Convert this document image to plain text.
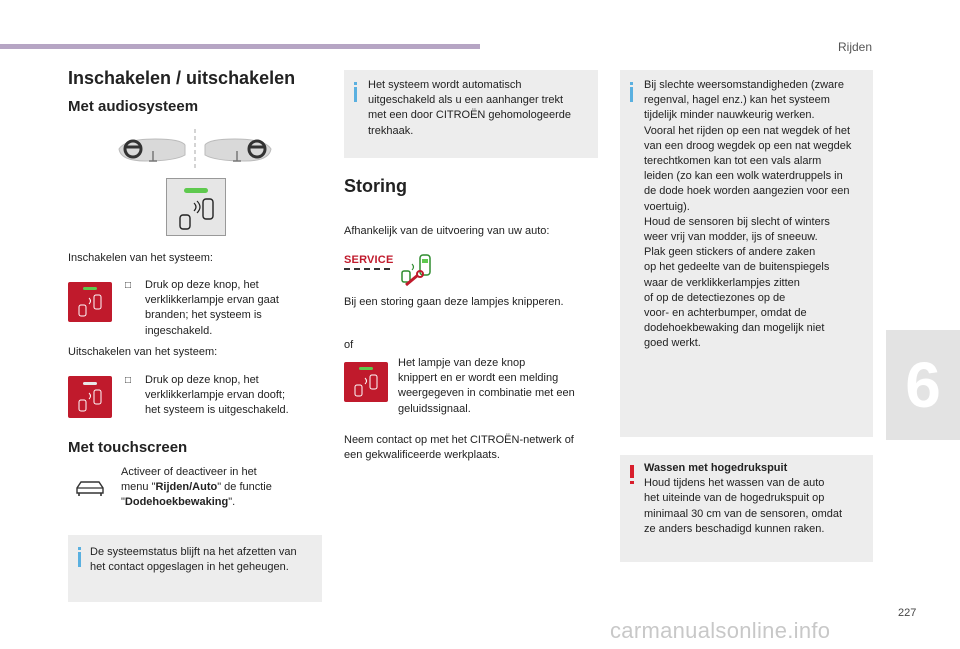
Rijden
6
227
carmanualsonline.info
Inschakelen / uitschakelen
Met audiosysteem
Inschakelen van het systeem:
□ Druk op deze knop, het
verklikkerlampje ervan gaat
branden; het systeem is
ingeschakeld.
Uitschakelen van het systeem:
□ Druk op deze knop, het
verklikkerlampje ervan dooft;
het systeem is uitgeschakeld.
Met touchscreen
Activeer of deactiveer in het
menu "Rijden/Auto" de functie
"Dodehoekbewaking".
De systeemstatus blijft na het afzetten van
het contact opgeslagen in het geheugen.
Het systeem wordt automatisch
uitgeschakeld als u een aanhanger trekt
met een door CITROËN gehomologeerde
trekhaak.
Storing
Afhankelijk van de uitvoering van uw auto:
SERVICE
Bij een storing gaan deze lampjes knipperen.
of
Het lampje van deze knop
knippert en er wordt een melding
weergegeven in combinatie met een
geluidssignaal.
Neem contact op met het CITROËN-netwerk of
een gekwalificeerde werkplaats.
Bij slechte weersomstandigheden (zware
regenval, hagel enz.) kan het systeem
tijdelijk minder nauwkeurig werken.
Vooral het rijden op een nat wegdek of het
van een droog wegdek op een nat wegdek
terechtkomen kan tot een vals alarm
leiden (zo kan een wolk waterdruppels in
de dode hoek worden aangezien voor een
voertuig).
Houd de sensoren bij slecht of winters
weer vrij van modder, ijs of sneeuw.
Plak geen stickers of andere zaken
op het gedeelte van de buitenspiegels
waar de verklikkerlampjes zitten
of op de detectiezones op de
voor- en achterbumper, omdat de
dodehoekbewaking dan mogelijk niet
goed werkt.
Wassen met hogedrukspuit
Houd tijdens het wassen van de auto
het uiteinde van de hogedrukspuit op
minimaal 30 cm van de sensoren, omdat
ze anders beschadigd kunnen raken.
